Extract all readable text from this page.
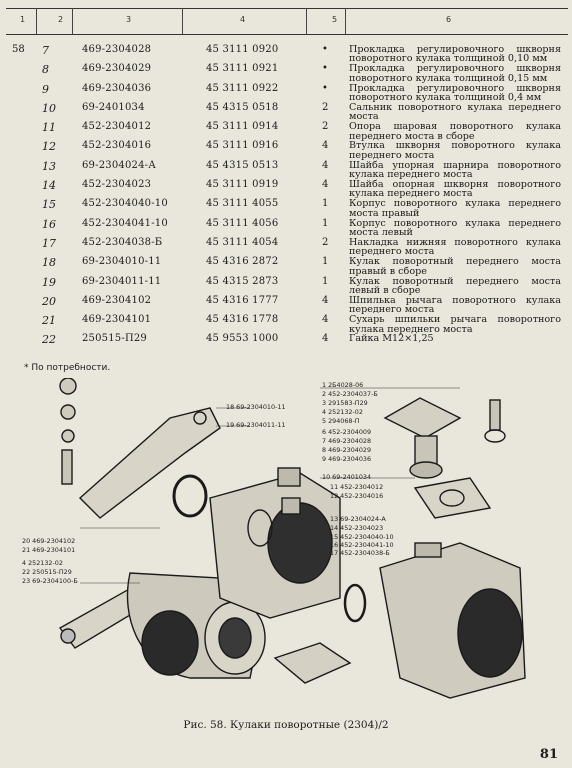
1	2	3	4	5	6
58 7	469-2304028	45 3111 0920	• Прокладка регулировочного шкворня поворотного кулака толщиной 0,10 мм
8	469-2304029	45 3111 0921	• Прокладка регулировочного шкворня поворотного кулака толщиной 0,15 мм
9	469-2304036	45 3111 0922	• Прокладка регулировочного шкворня поворотного кулака толщиной 0,4 мм
10	69-2401034	45 4315 0518	2 Сальник поворотного кулака переднего моста
11	452-2304012	45 3111 0914	2 Опора шаровая поворотного кулака переднего моста в сборе
12	452-2304016	45 3111 0916	4 Втулка шкворня поворотного кулака переднего моста
13	69-2304024-А	45 4315 0513	4 Шайба упорная шарнира поворотного кулака переднего моста
14	452-2304023	45 3111 0919	4 Шайба опорная шкворня поворотного кулака переднего моста
15	452-2304040-10	45 3111 4055	1 Корпус поворотного кулака переднего моста правый
16	452-2304041-10	45 3111 4056	1 Корпус поворотного кулака переднего моста левый
17	452-2304038-Б	45 3111 4054	2 Накладка нижняя поворотного кулака переднего моста
18	69-2304010-11	45 4316 2872	1 Кулак поворотный переднего моста правый в сборе
19	69-2304011-11	45 4315 2873	1 Кулак поворотный переднего моста левый в сборе
20	469-2304102	45 4316 1777	4 Шпилька рычага поворотного кулака переднего моста
21	469-2304101	45 4316 1778	4 Сухарь шпильки рычага поворотного кулака переднего моста
22	250515-П29	45 9553 1000	4 Гайка М12×1,25
* По потребности.
18 69-2304010-11
19 69-2304011-11
1 2Б4028-06
2 452-2304037-Б
3 291583-П29
4 252132-02
5 294068-П
6 452-2304009
7 469-2304028
8 469-2304029
9 469-2304036
10 69-2401034
11 452-2304012
12 452-2304016
13 69-2304024-А
14 452-2304023
15 452-2304040-10
16 452-2304041-10
17 452-2304038-Б
20 469-2304102
21 469-2304101
4 252132-02
22 250515-П29
23 69-2304100-Б
Рис. 58. Кулаки поворотные (2304)/2
81
